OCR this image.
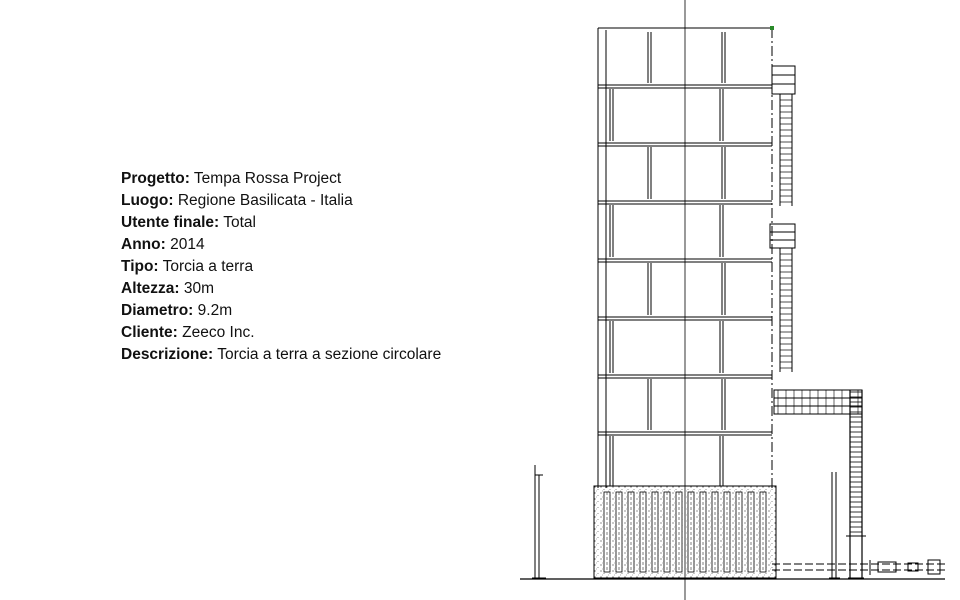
Progetto: Tempa Rossa Project
Luogo: Regione Basilicata - Italia
Utente finale: Total
Anno: 2014
Tipo: Torcia a terra
Altezza: 30m
Diametro: 9.2m
Cliente: Zeeco Inc.
Descrizione: Torcia a terra a sezione circolare
